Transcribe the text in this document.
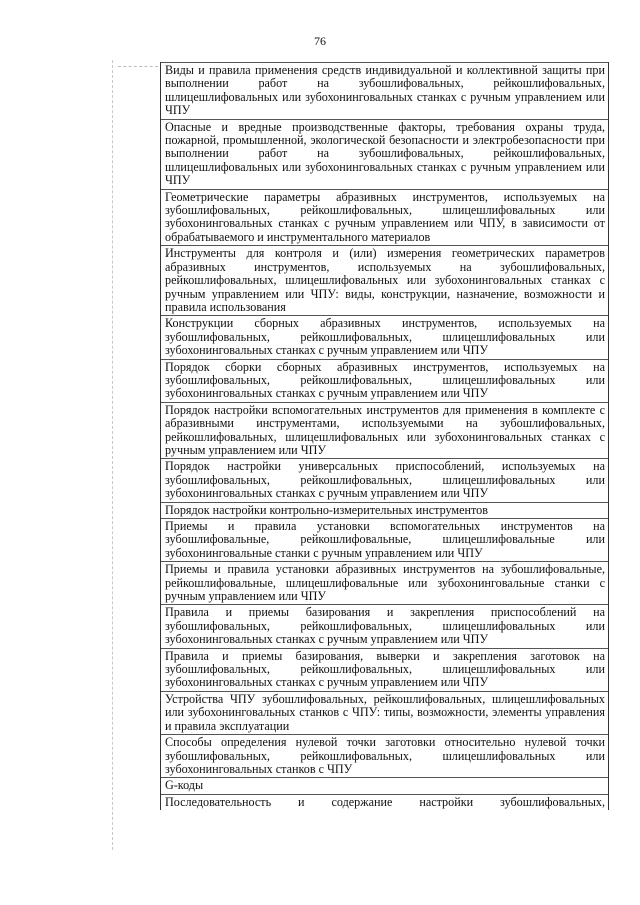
76
Виды и правила применения средств индивидуальной и коллективной защиты при выполнении работ на зубошлифовальных, рейкошлифовальных, шлицешлифовальных или зубохонинговальных станках с ручным управлением или ЧПУ
Опасные и вредные производственные факторы, требования охраны труда, пожарной, промышленной, экологической безопасности и электробезопасности при выполнении работ на зубошлифовальных, рейкошлифовальных, шлицешлифовальных или зубохонинговальных станках с ручным управлением или ЧПУ
Геометрические параметры абразивных инструментов, используемых на зубошлифовальных, рейкошлифовальных, шлицешлифовальных или зубохонинговальных станках с ручным управлением или ЧПУ, в зависимости от обрабатываемого и инструментального материалов
Инструменты для контроля и (или) измерения геометрических параметров абразивных инструментов, используемых на зубошлифовальных, рейкошлифовальных, шлицешлифовальных или зубохонинговальных станках с ручным управлением или ЧПУ: виды, конструкции, назначение, возможности и правила использования
Конструкции сборных абразивных инструментов, используемых на зубошлифовальных, рейкошлифовальных, шлицешлифовальных или зубохонинговальных станках с ручным управлением или ЧПУ
Порядок сборки сборных абразивных инструментов, используемых на зубошлифовальных, рейкошлифовальных, шлицешлифовальных или зубохонинговальных станках с ручным управлением или ЧПУ
Порядок настройки вспомогательных инструментов для применения в комплекте с абразивными инструментами, используемыми на зубошлифовальных, рейкошлифовальных, шлицешлифовальных или зубохонинговальных станках с ручным управлением или ЧПУ
Порядок настройки универсальных приспособлений, используемых на зубошлифовальных, рейкошлифовальных, шлицешлифовальных или зубохонинговальных станках с ручным управлением или ЧПУ
Порядок настройки контрольно-измерительных инструментов
Приемы и правила установки вспомогательных инструментов на зубошлифовальные, рейкошлифовальные, шлицешлифовальные или зубохонинговальные станки с ручным управлением или ЧПУ
Приемы и правила установки абразивных инструментов на зубошлифовальные, рейкошлифовальные, шлицешлифовальные или зубохонинговальные станки с ручным управлением или ЧПУ
Правила и приемы базирования и закрепления приспособлений на зубошлифовальных, рейкошлифовальных, шлицешлифовальных или зубохонинговальных станках с ручным управлением или ЧПУ
Правила и приемы базирования, выверки и закрепления заготовок на зубошлифовальных, рейкошлифовальных, шлицешлифовальных или зубохонинговальных станках с ручным управлением или ЧПУ
Устройства ЧПУ зубошлифовальных, рейкошлифовальных, шлицешлифовальных или зубохонинговальных станков с ЧПУ: типы, возможности, элементы управления и правила эксплуатации
Способы определения нулевой точки заготовки относительно нулевой точки зубошлифовальных, рейкошлифовальных, шлицешлифовальных или зубохонинговальных станков с ЧПУ
G-коды
Последовательность и содержание настройки зубошлифовальных,
